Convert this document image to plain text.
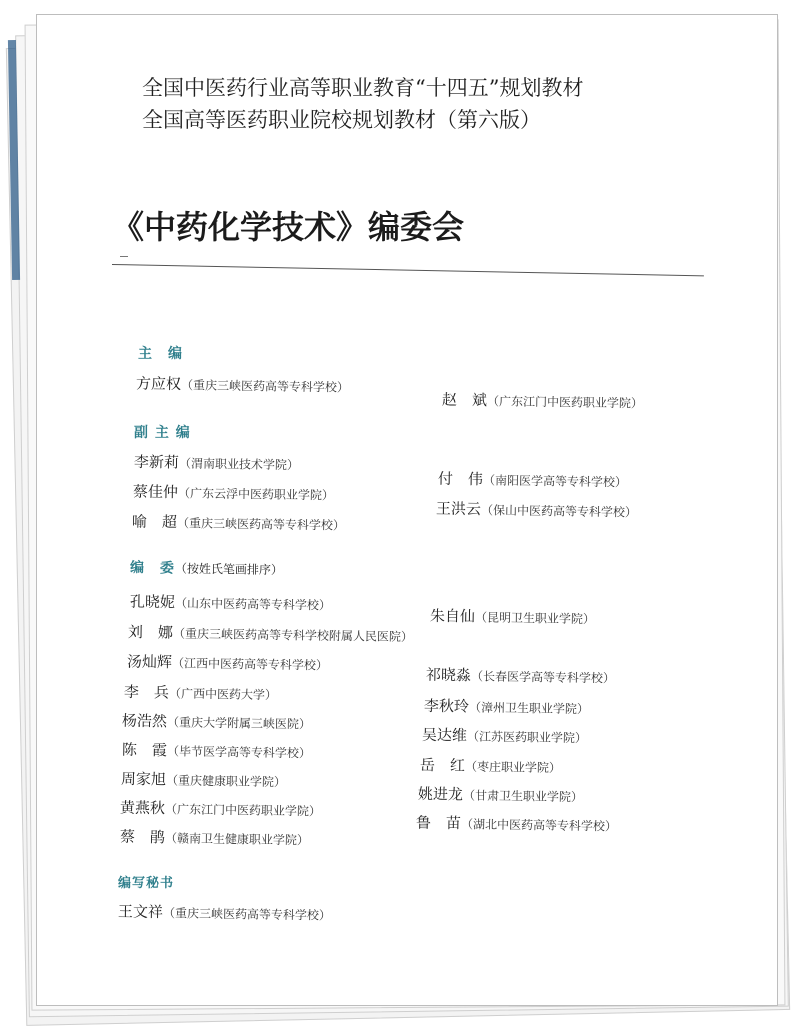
全国中医药行业高等职业教育“十四五”规划教材
全国高等医药职业院校规划教材（第六版）
《中药化学技术》编委会
主　编
方应权（重庆三峡医药高等专科学校）
赵　斌（广东江门中医药职业学院）
副 主 编
李新莉（渭南职业技术学院）
付　伟（南阳医学高等专科学校）
蔡佳仲（广东云浮中医药职业学院）
王洪云（保山中医药高等专科学校）
喻　超（重庆三峡医药高等专科学校）
编　委（按姓氏笔画排序）
孔晓妮（山东中医药高等专科学校）
朱自仙（昆明卫生职业学院）
刘　娜（重庆三峡医药高等专科学校附属人民医院）
汤灿辉（江西中医药高等专科学校）
祁晓淼（长春医学高等专科学校）
李　兵（广西中医药大学）
李秋玲（漳州卫生职业学院）
杨浩然（重庆大学附属三峡医院）
吴达维（江苏医药职业学院）
陈　霞（毕节医学高等专科学校）
岳　红（枣庄职业学院）
周家旭（重庆健康职业学院）
姚进龙（甘肃卫生职业学院）
黄燕秋（广东江门中医药职业学院）
鲁　苗（湖北中医药高等专科学校）
蔡　鹃（赣南卫生健康职业学院）
编写秘书
王文祥（重庆三峡医药高等专科学校）
